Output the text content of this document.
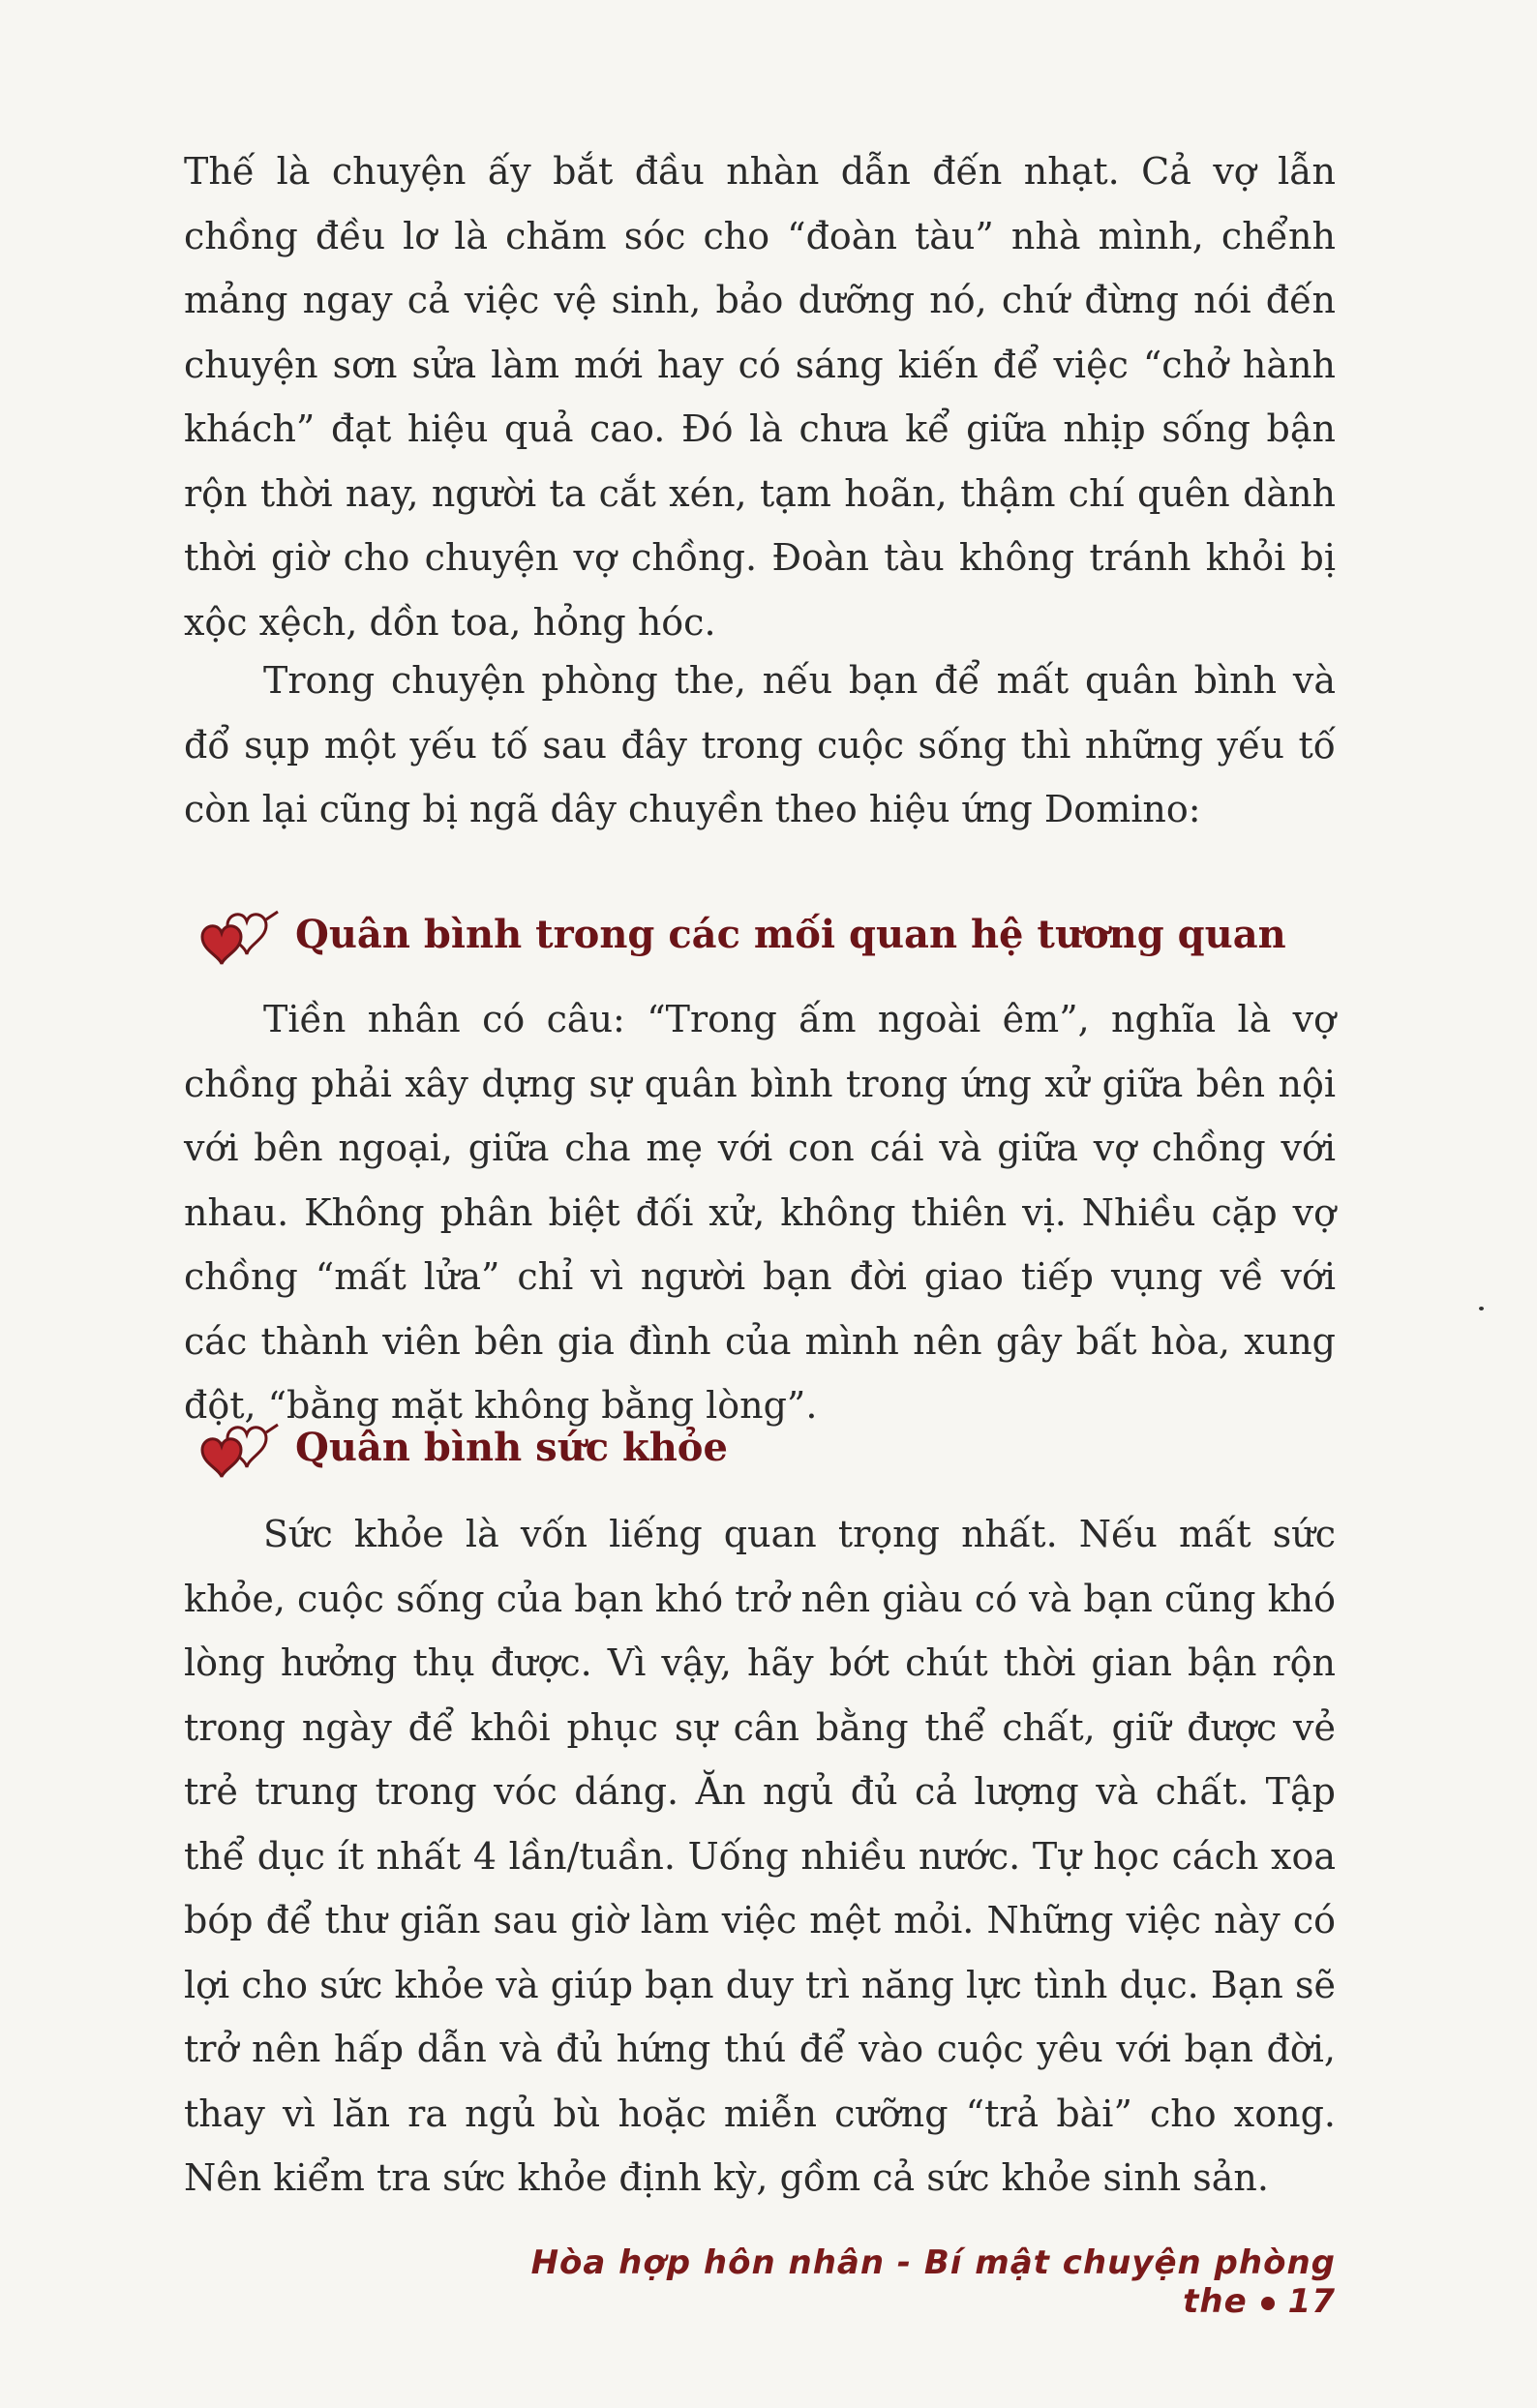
Thế là chuyện ấy bắt đầu nhàn dẫn đến nhạt. Cả vợ lẫn chồng đều lơ là chăm sóc cho “đoàn tàu” nhà mình, chểnh mảng ngay cả việc vệ sinh, bảo dưỡng nó, chứ đừng nói đến chuyện sơn sửa làm mới hay có sáng kiến để việc “chở hành khách” đạt hiệu quả cao. Đó là chưa kể giữa nhịp sống bận rộn thời nay, người ta cắt xén, tạm hoãn, thậm chí quên dành thời giờ cho chuyện vợ chồng. Đoàn tàu không tránh khỏi bị xộc xệch, dồn toa, hỏng hóc.

Trong chuyện phòng the, nếu bạn để mất quân bình và đổ sụp một yếu tố sau đây trong cuộc sống thì những yếu tố còn lại cũng bị ngã dây chuyền theo hiệu ứng Domino:

Quân bình trong các mối quan hệ tương quan

Tiền nhân có câu: “Trong ấm ngoài êm”, nghĩa là vợ chồng phải xây dựng sự quân bình trong ứng xử giữa bên nội với bên ngoại, giữa cha mẹ với con cái và giữa vợ chồng với nhau. Không phân biệt đối xử, không thiên vị. Nhiều cặp vợ chồng “mất lửa” chỉ vì người bạn đời giao tiếp vụng về với các thành viên bên gia đình của mình nên gây bất hòa, xung đột, “bằng mặt không bằng lòng”.

Quân bình sức khỏe

Sức khỏe là vốn liếng quan trọng nhất. Nếu mất sức khỏe, cuộc sống của bạn khó trở nên giàu có và bạn cũng khó lòng hưởng thụ được. Vì vậy, hãy bớt chút thời gian bận rộn trong ngày để khôi phục sự cân bằng thể chất, giữ được vẻ trẻ trung trong vóc dáng. Ăn ngủ đủ cả lượng và chất. Tập thể dục ít nhất 4 lần/tuần. Uống nhiều nước. Tự học cách xoa bóp để thư giãn sau giờ làm việc mệt mỏi. Những việc này có lợi cho sức khỏe và giúp bạn duy trì năng lực tình dục. Bạn sẽ trở nên hấp dẫn và đủ hứng thú để vào cuộc yêu với bạn đời, thay vì lăn ra ngủ bù hoặc miễn cưỡng “trả bài” cho xong. Nên kiểm tra sức khỏe định kỳ, gồm cả sức khỏe sinh sản.

Hòa hợp hôn nhân - Bí mật chuyện phòng the 17
